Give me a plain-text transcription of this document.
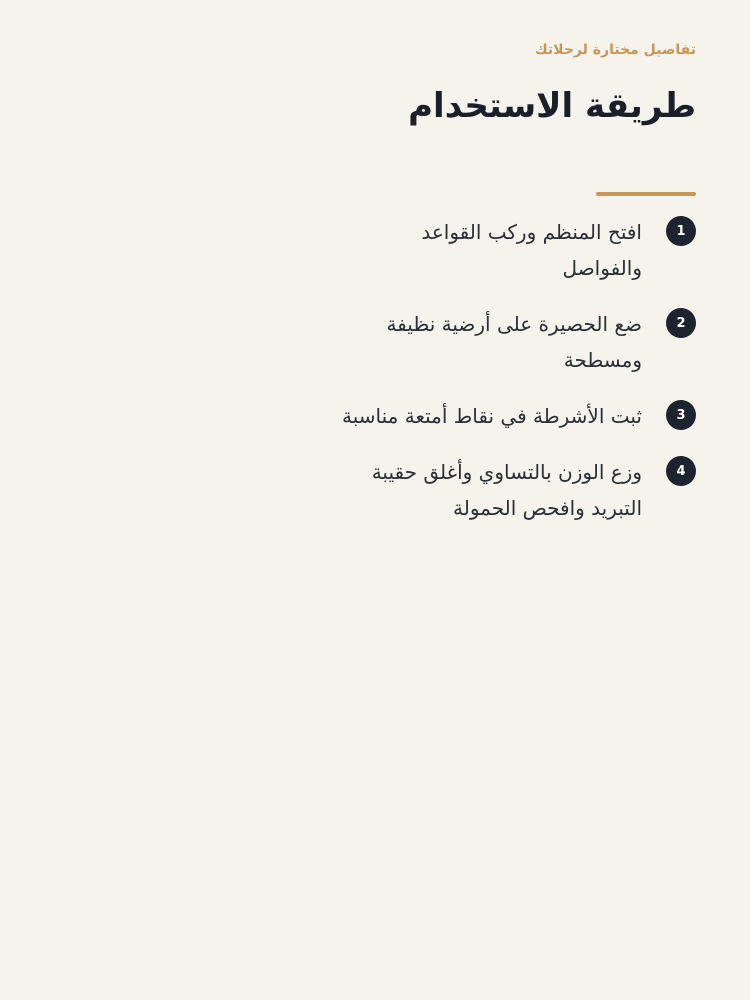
تفاصيل مختارة لرحلاتك

طريقة الاستخدام
1
افتح المنظم وركب القواعد والفواصل
2
ضع الحصيرة على أرضية نظيفة ومسطحة
3
ثبت الأشرطة في نقاط أمتعة مناسبة
4
وزع الوزن بالتساوي وأغلق حقيبة التبريد وافحص الحمولة
